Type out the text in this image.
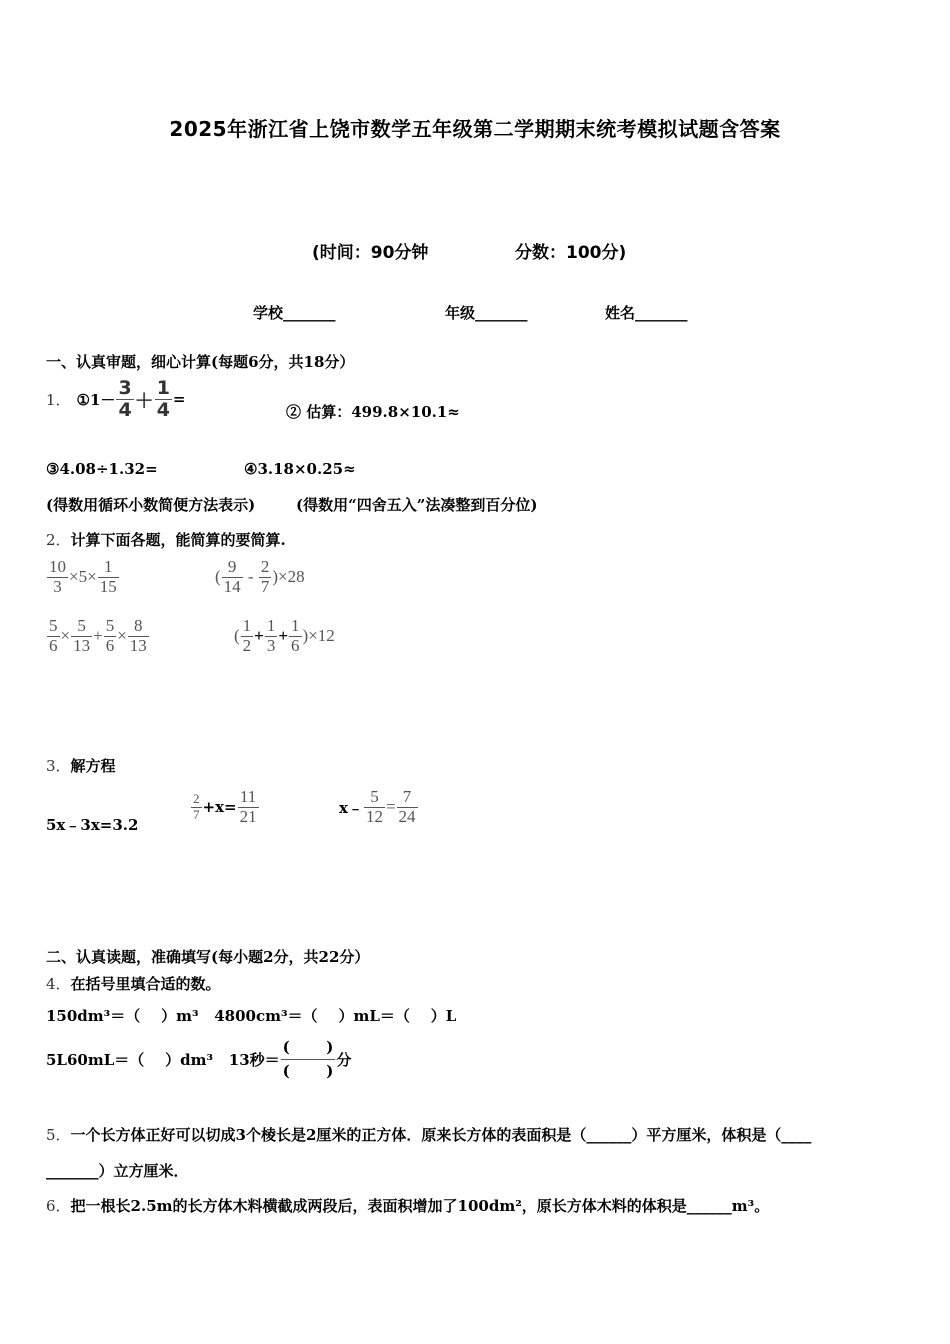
2025年浙江省上饶市数学五年级第二学期期末统考模拟试题含答案
(时间：90分钟	分数：100分)
学校_______	年级_______	姓名_______
一、认真审题，细心计算(每题6分，共18分）
1． ①1－ $\frac{3}{4} + \frac{1}{4}$ =
② 估算：499.8×10.1≈
③4.08÷1.32=	④3.18×0.25≈
(得数用循环小数简便方法表示)	(得数用“四舍五入”法凑整到百分位)
2．计算下面各题，能简算的要简算.
$\frac{10}{3} \times 5\times \frac{1}{15}$	( $\frac{9}{14} - \frac{2}{7} )\times 28$
$\frac{5}{6} \times \frac{5}{13} + \frac{5}{6} \times \frac{8}{13}$	( $\frac{1}{2} + \frac{1}{3} + \frac{1}{6} )\times 12$
3．解方程
5x﹣3x=3.2
$\frac{2}{7} +x= \frac{11}{21}$	x﹣ $\frac{5}{12} = \frac{7}{24}$
二、认真读题，准确填写(每小题2分，共22分）
4．在括号里填合适的数。
150dm³＝（    ）m³   4800cm³＝（    ）mL＝（    ）L
5L60mL＝（    ）dm³   13秒＝ $\frac{( )}{( )}$ 分
5．一个长方体正好可以切成3个棱长是2厘米的正方体．原来长方体的表面积是（______）平方厘米，体积是（____
_______）立方厘米．
6．把一根长2.5m的长方体木料横截成两段后，表面积增加了100dm²，原长方体木料的体积是______m³。
